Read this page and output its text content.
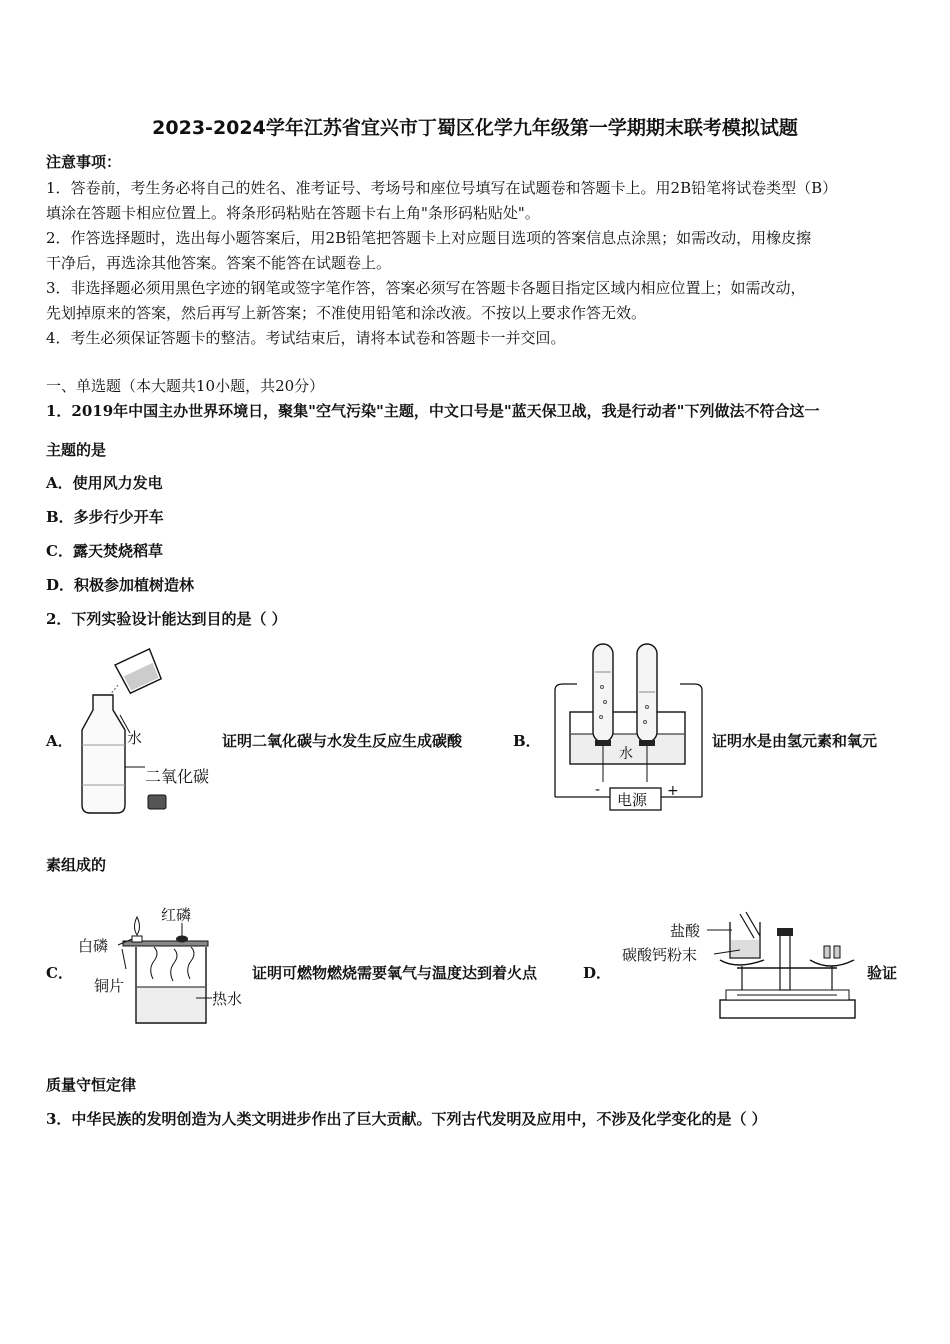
2023-2024学年江苏省宜兴市丁蜀区化学九年级第一学期期末联考模拟试题
注意事项：
1．答卷前，考生务必将自己的姓名、准考证号、考场号和座位号填写在试题卷和答题卡上。用2B铅笔将试卷类型（B）
填涂在答题卡相应位置上。将条形码粘贴在答题卡右上角"条形码粘贴处"。
2．作答选择题时，选出每小题答案后，用2B铅笔把答题卡上对应题目选项的答案信息点涂黑；如需改动，用橡皮擦
干净后，再选涂其他答案。答案不能答在试题卷上。
3．非选择题必须用黑色字迹的钢笔或签字笔作答，答案必须写在答题卡各题目指定区域内相应位置上；如需改动，
先划掉原来的答案，然后再写上新答案；不准使用铅笔和涂改液。不按以上要求作答无效。
4．考生必须保证答题卡的整洁。考试结束后，请将本试卷和答题卡一并交回。
一、单选题（本大题共10小题，共20分）
1．2019年中国主办世界环境日，聚集"空气污染"主题，中文口号是"蓝天保卫战，我是行动者"下列做法不符合这一
主题的是
A．使用风力发电
B．多步行少开车
C．露天焚烧稻草
D．积极参加植树造林
2．下列实验设计能达到目的是（ ）
A．	水
二氧化碳
证明二氧化碳与水发生反应生成碳酸	B．
电源
-	+
水
证明水是由氢元素和氧元
素组成的
C．
红磷
白磷
铜片
热水
证明可燃物燃烧需要氧气与温度达到着火点	D．
盐酸
碳酸钙粉末
验证
质量守恒定律
3．中华民族的发明创造为人类文明进步作出了巨大贡献。下列古代发明及应用中，不涉及化学变化的是（ ）
